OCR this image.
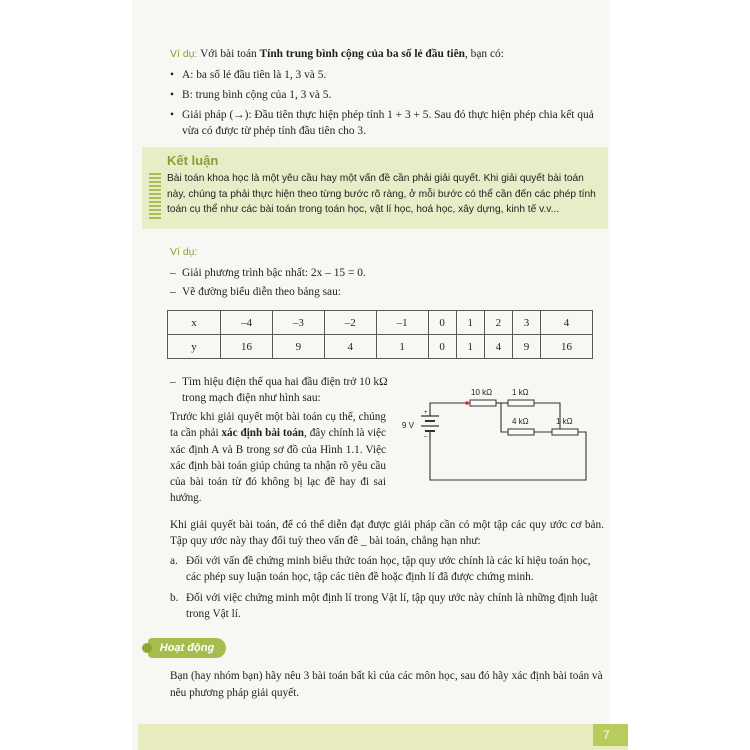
Ví dụ: Với bài toán Tính trung bình cộng của ba số lẻ đầu tiên, bạn có:
• A: ba số lẻ đầu tiên là 1, 3 và 5.
• B: trung bình cộng của 1, 3 và 5.
• Giải pháp (→): Đầu tiên thực hiện phép tính 1 + 3 + 5. Sau đó thực hiện phép chia kết quả vừa có được từ phép tính đầu tiên cho 3.
Kết luận
Bài toán khoa học là một yêu cầu hay một vấn đề cần phải giải quyết. Khi giải quyết bài toán này, chúng ta phải thực hiện theo từng bước rõ ràng, ở mỗi bước có thể cần đến các phép tính toán cụ thể như các bài toán trong toán học, vật lí học, hoá học, xây dựng, kinh tế v.v...
Ví dụ:
– Giải phương trình bậc nhất: 2x – 15 = 0.
– Vẽ đường biểu diễn theo bảng sau:
x	–4	–3	–2	–1	0	1	2	3	4
y	16	9	4	1	0	1	4	9	16
– Tìm hiệu điện thế qua hai đầu điện trở 10 kΩ trong mạch điện như hình sau:
Trước khi giải quyết một bài toán cụ thể, chúng ta cần phải xác định bài toán, đây chính là việc xác định A và B trong sơ đồ của Hình 1.1. Việc xác định bài toán giúp chúng ta nhận rõ yêu cầu của bài toán từ đó không bị lạc đề hay đi sai hướng.
10 kΩ 1 kΩ
4 kΩ	1 kΩ
9 V
+
–
Khi giải quyết bài toán, để có thể diễn đạt được giải pháp cần có một tập các quy ước cơ bản. Tập quy ước này thay đổi tuỳ theo vấn đề _ bài toán, chẳng hạn như:
a. Đối với vấn đề chứng minh biểu thức toán học, tập quy ước chính là các kí hiệu toán học, các phép suy luận toán học, tập các tiên đề hoặc định lí đã được chứng minh.
b. Đối với việc chứng minh một định lí trong Vật lí, tập quy ước này chính là những định luật trong Vật lí.
Hoạt động
Bạn (hay nhóm bạn) hãy nêu 3 bài toán bất kì của các môn học, sau đó hãy xác định bài toán và nêu phương pháp giải quyết.
7
